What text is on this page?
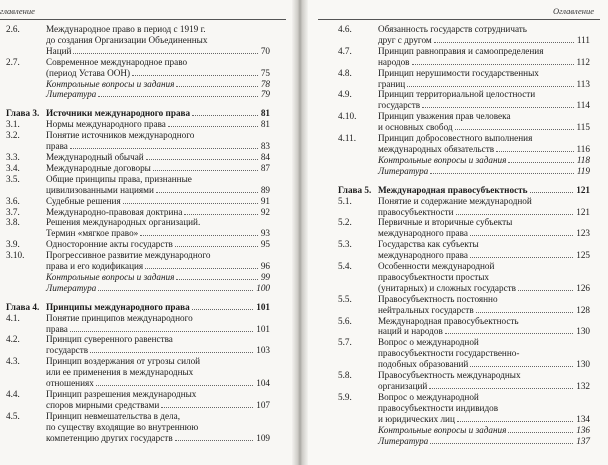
главление
2.6.	Международное право в период с 1919 г.
до создания Организации Объединенных
Наций	70
2.7.	Современное международное право
(период Устава ООН)	75
Контрольные вопросы и задания	78
Литература	79
Глава 3. Источники международного права	81
3.1.	Нормы международного права	81
3.2.	Понятие источников международного
права	83
3.3.	Международный обычай	84
3.4.	Международные договоры	87
3.5.	Общие принципы права, признанные
цивилизованными нациями	89
3.6.	Судебные решения	91
3.7.	Международно-правовая доктрина	92
3.8.	Решения международных организаций.
Термин «мягкое право»	93
3.9.	Односторонние акты государств	95
3.10.	Прогрессивное развитие международного
права и его кодификация	96
Контрольные вопросы и задания	99
Литература	100
Глава 4. Принципы международного права	101
4.1.	Понятие принципов международного
права	101
4.2.	Принцип суверенного равенства
государств	103
4.3.	Принцип воздержания от угрозы силой
или ее применения в международных
отношениях	104
4.4.	Принцип разрешения международных
споров мирными средствами	107
4.5.	Принцип невмешательства в дела,
по существу входящие во внутреннюю
компетенцию других государств	109
Оглавление
4.6.	Обязанность государств сотрудничать
друг с другом	111
4.7.	Принцип равноправия и самоопределения
народов	112
4.8.	Принцип нерушимости государственных
границ	113
4.9.	Принцип территориальной целостности
государств	114
4.10.	Принцип уважения прав человека
и основных свобод	115
4.11.	Принцип добросовестного выполнения
международных обязательств	116
Контрольные вопросы и задания	118
Литература	119
Глава 5. Международная правосубъектность	121
5.1.	Понятие и содержание международной
правосубъектности	121
5.2.	Первичные и вторичные субъекты
международного права	123
5.3.	Государства как субъекты
международного права	125
5.4.	Особенности международной
правосубъектности простых
(унитарных) и сложных государств	126
5.5.	Правосубъектность постоянно
нейтральных государств	128
5.6.	Международная правосубъектность
наций и народов	130
5.7.	Вопрос о международной
правосубъектности государственно-
подобных образований	130
5.8.	Правосубъектность международных
организаций	132
5.9.	Вопрос о международной
правосубъектности индивидов
и юридических лиц	134
Контрольные вопросы и задания	136
Литература	137
